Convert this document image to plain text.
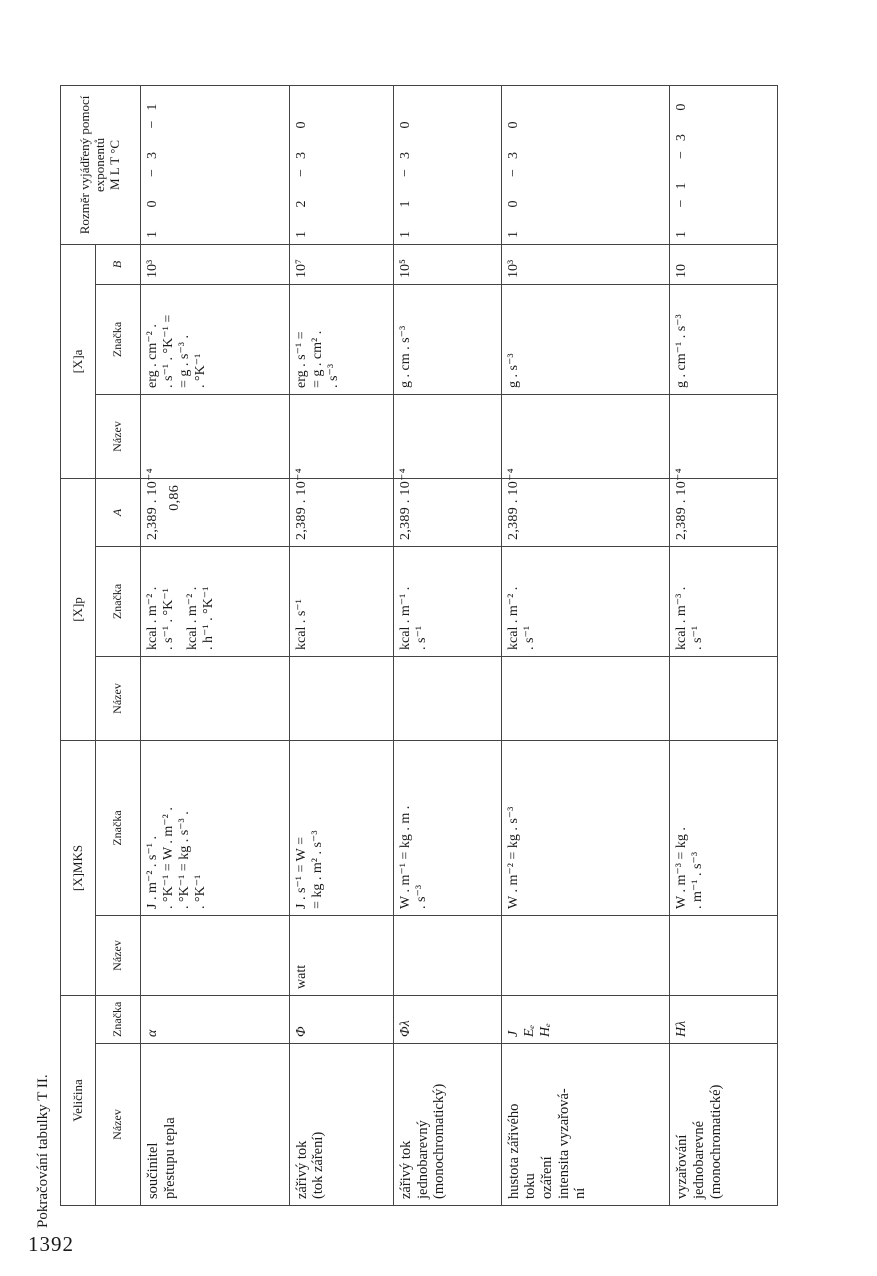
1392
Pokračování tabulky T II. Veličina		[X]MKS		[X]p			[X]a			Rozměr vyjádřený pomocí exponentů
M L T °C
Název	Značka	Název	Značka	Název	Značka	A	Název	Značka	B	

součinitel přestupu tepla	α		J . m⁻² . s⁻¹ . . °K⁻¹ = W . m⁻² . . °K⁻¹ = kg . s⁻³ . . °K⁻¹		kcal . m⁻² . . s⁻¹ . °K⁻¹ kcal . m⁻² . . h⁻¹ . °K⁻¹	2,389 . 10⁻⁴ 0,86		erg . cm⁻² . . s⁻¹ . °K⁻¹ = = g . s⁻³ . . °K⁻¹	10³	1 0 −3 −1

zářivý tok (tok záření)	Φ	watt	J . s⁻¹ = W = = kg . m² . s⁻³		kcal . s⁻¹	2,389 . 10⁻⁴		erg . s⁻¹ = = g . cm² . . s⁻³	10⁷	1 2 −3 0

zářivý tok jednobarevný (monochromatický)	Φλ		W . m⁻¹ = kg . m . . s⁻³		kcal . m⁻¹ . . s⁻¹	2,389 . 10⁻⁴		g . cm . s⁻³	10⁵	1 1 −3 0

hustota zářivého toku ozáření intensita vyzařová- ní	J Eₑ Hₑ		W . m⁻² = kg . s⁻³		kcal . m⁻² . . s⁻¹	2,389 . 10⁻⁴		g . s⁻³	10³	1 0 −3 0

vyzařování jednobarevné (monochromatické)	Hλ		W . m⁻³ = kg . . m⁻¹ . s⁻³		kcal . m⁻³ . . s⁻¹	2,389 . 10⁻⁴		g . cm⁻¹ . s⁻³	10	1 −1 −3 0
